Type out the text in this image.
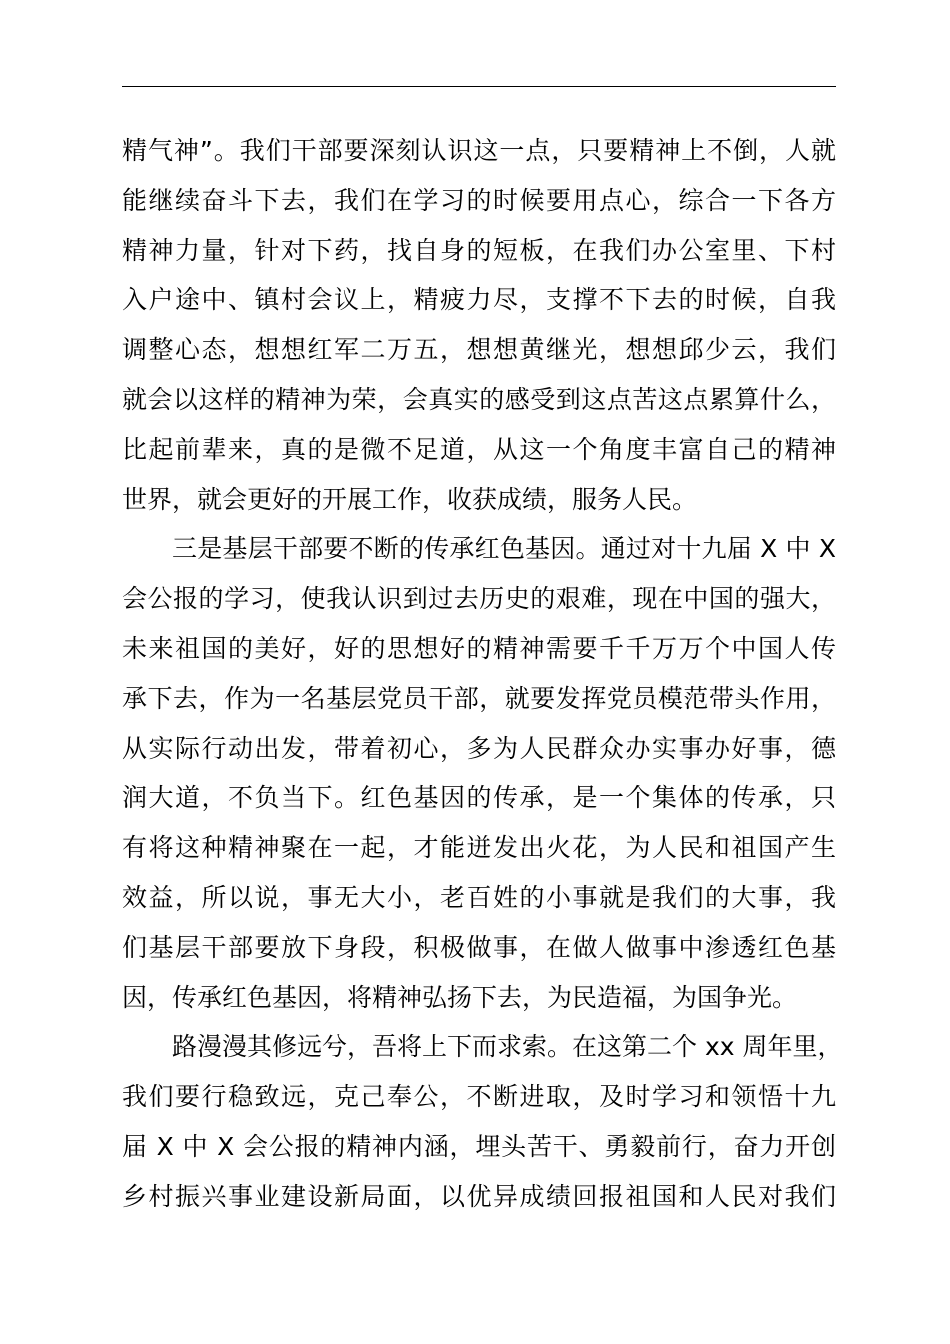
精气神”。我们干部要深刻认识这一点，只要精神上不倒，人就
能继续奋斗下去，我们在学习的时候要用点心，综合一下各方
精神力量，针对下药，找自身的短板，在我们办公室里、下村
入户途中、镇村会议上，精疲力尽，支撑不下去的时候，自我
调整心态，想想红军二万五，想想黄继光，想想邱少云，我们
就会以这样的精神为荣，会真实的感受到这点苦这点累算什么，
比起前辈来，真的是微不足道，从这一个角度丰富自己的精神
世界，就会更好的开展工作，收获成绩，服务人民。
三是基层干部要不断的传承红色基因。通过对十九届 X 中 X
会公报的学习，使我认识到过去历史的艰难，现在中国的强大，
未来祖国的美好，好的思想好的精神需要千千万万个中国人传
承下去，作为一名基层党员干部，就要发挥党员模范带头作用，
从实际行动出发，带着初心，多为人民群众办实事办好事，德
润大道，不负当下。红色基因的传承，是一个集体的传承，只
有将这种精神聚在一起，才能迸发出火花，为人民和祖国产生
效益，所以说，事无大小，老百姓的小事就是我们的大事，我
们基层干部要放下身段，积极做事，在做人做事中渗透红色基
因，传承红色基因，将精神弘扬下去，为民造福，为国争光。
路漫漫其修远兮，吾将上下而求索。在这第二个 xx 周年里，
我们要行稳致远，克己奉公，不断进取，及时学习和领悟十九
届 X 中 X 会公报的精神内涵，埋头苦干、勇毅前行，奋力开创
乡村振兴事业建设新局面，以优异成绩回报祖国和人民对我们
